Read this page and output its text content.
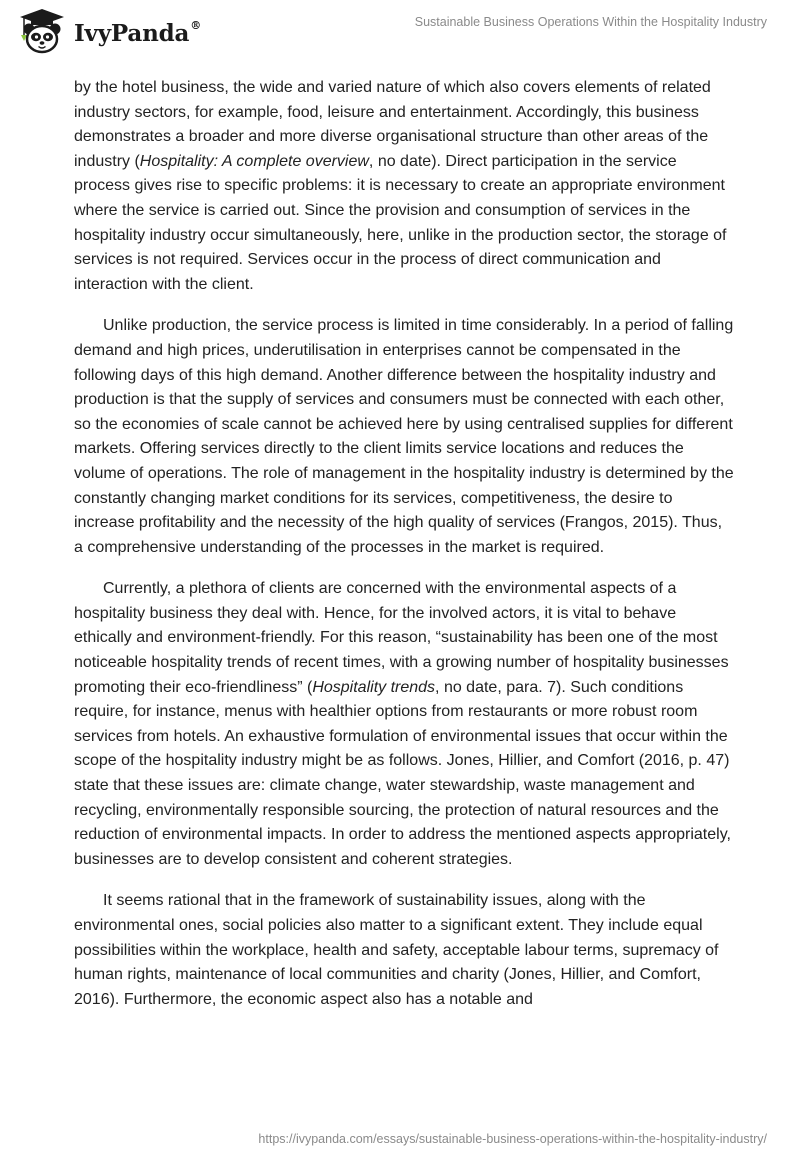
IvyPanda®	Sustainable Business Operations Within the Hospitality Industry

by the hotel business, the wide and varied nature of which also covers elements of related industry sectors, for example, food, leisure and entertainment. Accordingly, this business demonstrates a broader and more diverse organisational structure than other areas of the industry (Hospitality: A complete overview, no date). Direct participation in the service process gives rise to specific problems: it is necessary to create an appropriate environment where the service is carried out. Since the provision and consumption of services in the hospitality industry occur simultaneously, here, unlike in the production sector, the storage of services is not required. Services occur in the process of direct communication and interaction with the client.

Unlike production, the service process is limited in time considerably. In a period of falling demand and high prices, underutilisation in enterprises cannot be compensated in the following days of this high demand. Another difference between the hospitality industry and production is that the supply of services and consumers must be connected with each other, so the economies of scale cannot be achieved here by using centralised supplies for different markets. Offering services directly to the client limits service locations and reduces the volume of operations. The role of management in the hospitality industry is determined by the constantly changing market conditions for its services, competitiveness, the desire to increase profitability and the necessity of the high quality of services (Frangos, 2015). Thus, a comprehensive understanding of the processes in the market is required.

Currently, a plethora of clients are concerned with the environmental aspects of a hospitality business they deal with. Hence, for the involved actors, it is vital to behave ethically and environment-friendly. For this reason, “sustainability has been one of the most noticeable hospitality trends of recent times, with a growing number of hospitality businesses promoting their eco-friendliness” (Hospitality trends, no date, para. 7). Such conditions require, for instance, menus with healthier options from restaurants or more robust room services from hotels. An exhaustive formulation of environmental issues that occur within the scope of the hospitality industry might be as follows. Jones, Hillier, and Comfort (2016, p. 47) state that these issues are: climate change, water stewardship, waste management and recycling, environmentally responsible sourcing, the protection of natural resources and the reduction of environmental impacts. In order to address the mentioned aspects appropriately, businesses are to develop consistent and coherent strategies.

It seems rational that in the framework of sustainability issues, along with the environmental ones, social policies also matter to a significant extent. They include equal possibilities within the workplace, health and safety, acceptable labour terms, supremacy of human rights, maintenance of local communities and charity (Jones, Hillier, and Comfort, 2016). Furthermore, the economic aspect also has a notable and

https://ivypanda.com/essays/sustainable-business-operations-within-the-hospitality-industry/
